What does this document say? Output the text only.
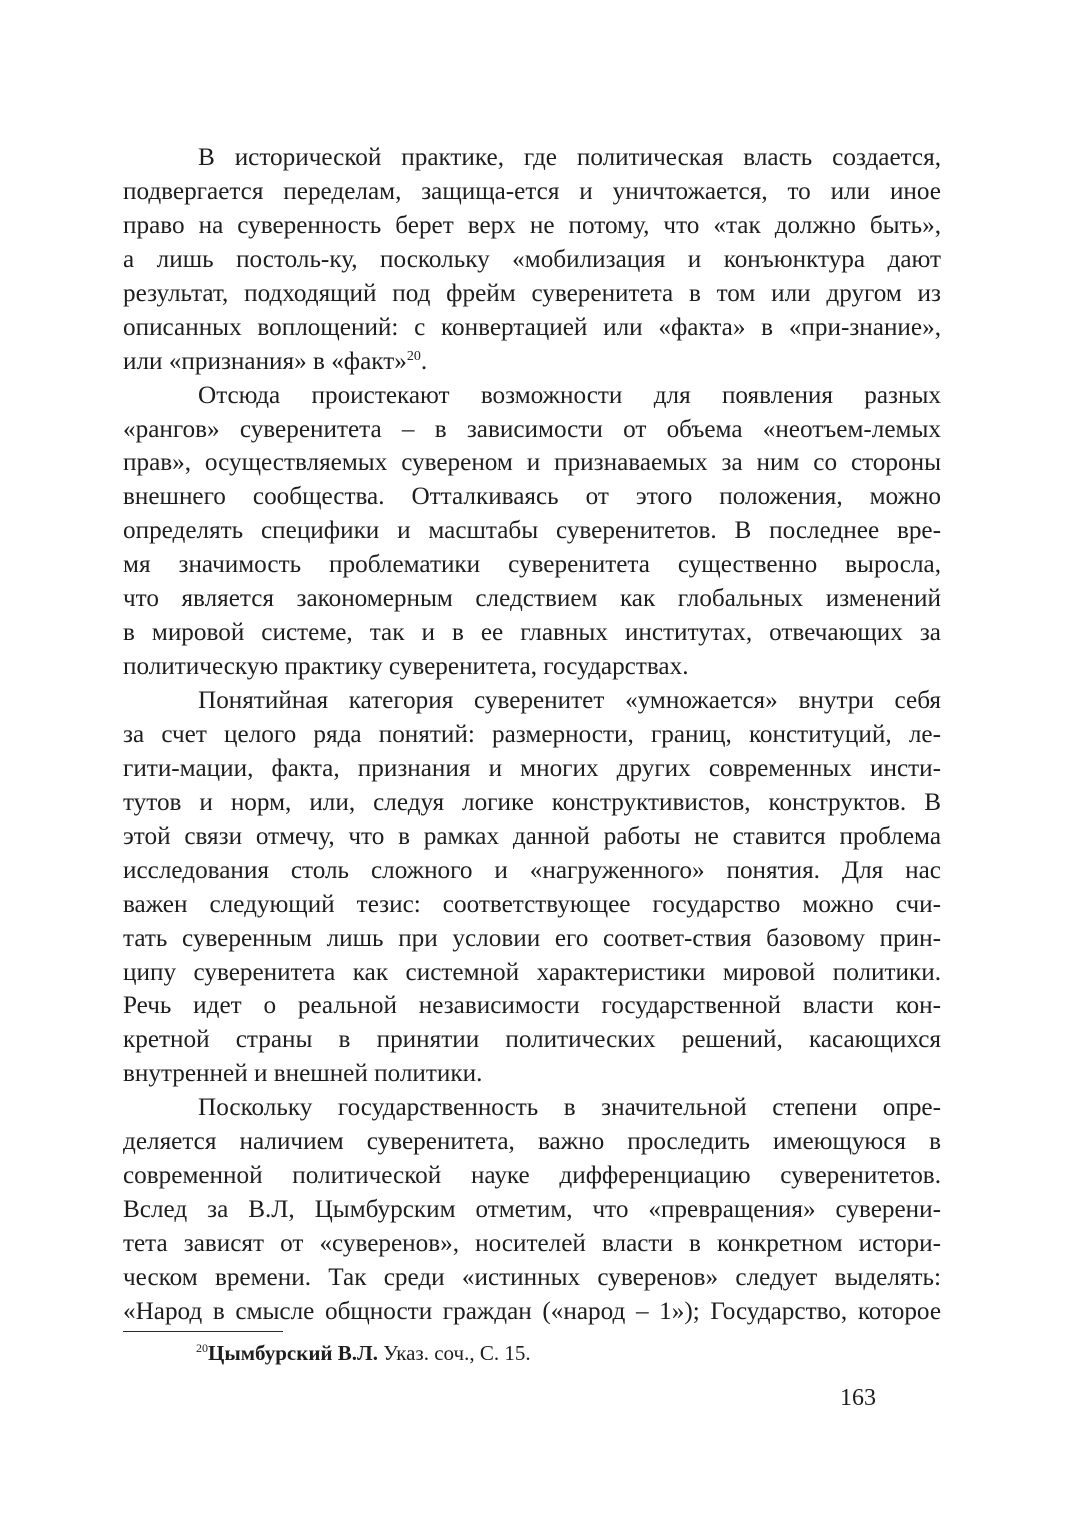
В исторической практике, где политическая власть создается,
подвергается переделам, защища-ется и уничтожается, то или иное
право на суверенность берет верх не потому, что «так должно быть»,
а лишь постоль-ку, поскольку «мобилизация и конъюнктура дают
результат, подходящий под фрейм суверенитета в том или другом из
описанных воплощений: с конвертацией или «факта» в «при-знание»,
или «признания» в «факт»$^{20}$.
Отсюда проистекают возможности для появления разных
«рангов» суверенитета – в зависимости от объема «неотъем-лемых
прав», осуществляемых сувереном и признаваемых за ним со стороны
внешнего сообщества. Отталкиваясь от этого положения, можно
определять специфики и масштабы суверенитетов. В последнее вре-
мя значимость проблематики суверенитета существенно выросла,
что является закономерным следствием как глобальных изменений
в мировой системе, так и в ее главных институтах, отвечающих за
политическую практику суверенитета, государствах.
Понятийная категория суверенитет «умножается» внутри себя
за счет целого ряда понятий: размерности, границ, конституций, ле-
гити-мации, факта, признания и многих других современных инсти-
тутов и норм, или, следуя логике конструктивистов, конструктов. В
этой связи отмечу, что в рамках данной работы не ставится проблема
исследования столь сложного и «нагруженного» понятия. Для нас
важен следующий тезис: соответствующее государство можно счи-
тать суверенным лишь при условии его соответ-ствия базовому прин-
ципу суверенитета как системной характеристики мировой политики.
Речь идет о реальной независимости государственной власти кон-
кретной страны в принятии политических решений, касающихся
внутренней и внешней политики.
Поскольку государственность в значительной степени опре-
деляется наличием суверенитета, важно проследить имеющуюся в
современной политической науке дифференциацию суверенитетов.
Вслед за В.Л, Цымбурским отметим, что «превращения» суверени-
тета зависят от «суверенов», носителей власти в конкретном истори-
ческом времени. Так среди «истинных суверенов» следует выделять:
«Народ в смысле общности граждан («народ – 1»); Государство, которое
$^{20}$Цымбурский В.Л. Указ. соч., С. 15.
163
